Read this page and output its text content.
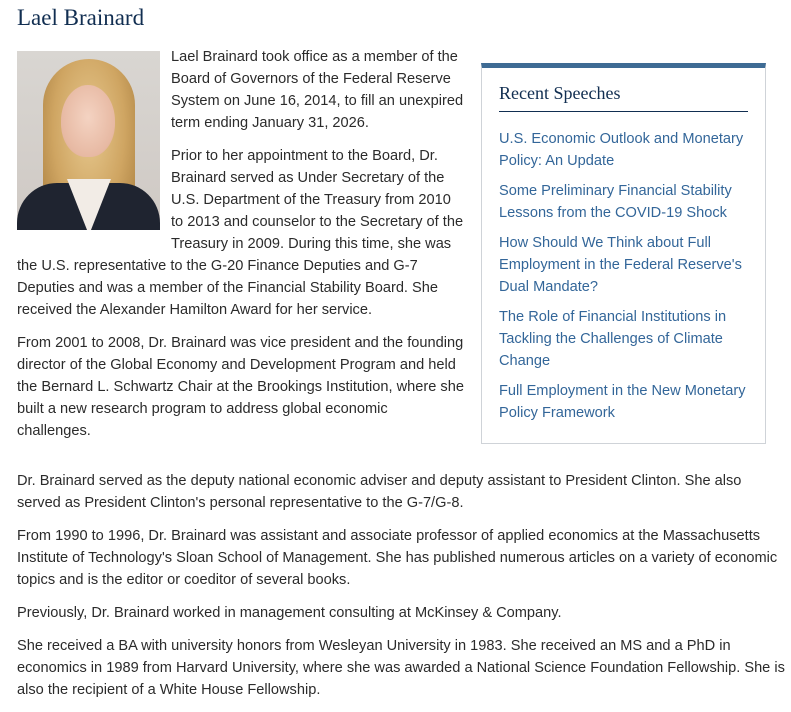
Lael Brainard

Lael Brainard took office as a member of the Board of Governors of the Federal Reserve System on June 16, 2014, to fill an unexpired term ending January 31, 2026.

Prior to her appointment to the Board, Dr. Brainard served as Under Secretary of the U.S. Department of the Treasury from 2010 to 2013 and counselor to the Secretary of the Treasury in 2009. During this time, she was the U.S. representative to the G-20 Finance Deputies and G-7 Deputies and was a member of the Financial Stability Board. She received the Alexander Hamilton Award for her service.

From 2001 to 2008, Dr. Brainard was vice president and the founding director of the Global Economy and Development Program and held the Bernard L. Schwartz Chair at the Brookings Institution, where she built a new research program to address global economic challenges.

Dr. Brainard served as the deputy national economic adviser and deputy assistant to President Clinton. She also served as President Clinton's personal representative to the G-7/G-8.

From 1990 to 1996, Dr. Brainard was assistant and associate professor of applied economics at the Massachusetts Institute of Technology's Sloan School of Management. She has published numerous articles on a variety of economic topics and is the editor or coeditor of several books.

Previously, Dr. Brainard worked in management consulting at McKinsey & Company.

She received a BA with university honors from Wesleyan University in 1983. She received an MS and a PhD in economics in 1989 from Harvard University, where she was awarded a National Science Foundation Fellowship. She is also the recipient of a White House Fellowship.

Recent Speeches
U.S. Economic Outlook and Monetary Policy: An Update
Some Preliminary Financial Stability Lessons from the COVID-19 Shock
How Should We Think about Full Employment in the Federal Reserve's Dual Mandate?
The Role of Financial Institutions in Tackling the Challenges of Climate Change
Full Employment in the New Monetary Policy Framework
